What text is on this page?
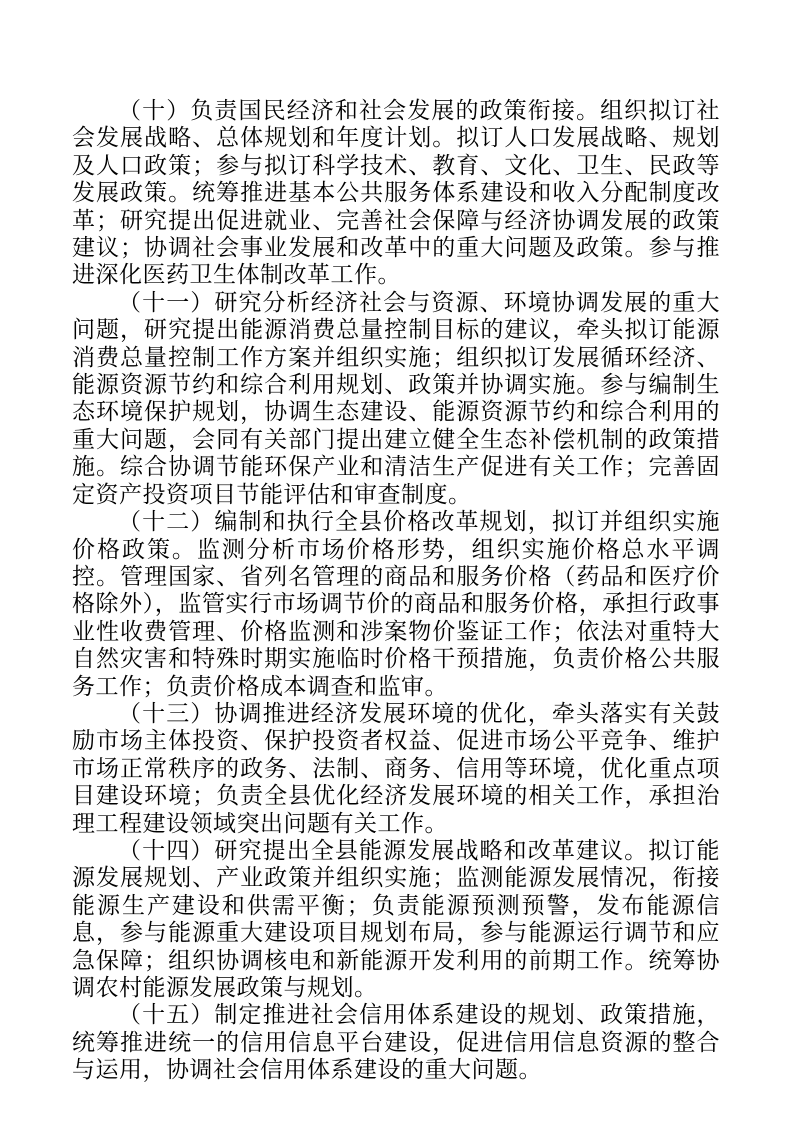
（十）负责国民经济和社会发展的政策衔接。组织拟订社会发展战略、总体规划和年度计划。拟订人口发展战略、规划及人口政策；参与拟订科学技术、教育、文化、卫生、民政等发展政策。统筹推进基本公共服务体系建设和收入分配制度改革；研究提出促进就业、完善社会保障与经济协调发展的政策建议；协调社会事业发展和改革中的重大问题及政策。参与推进深化医药卫生体制改革工作。

（十一）研究分析经济社会与资源、环境协调发展的重大问题，研究提出能源消费总量控制目标的建议，牵头拟订能源消费总量控制工作方案并组织实施；组织拟订发展循环经济、能源资源节约和综合利用规划、政策并协调实施。参与编制生态环境保护规划，协调生态建设、能源资源节约和综合利用的重大问题，会同有关部门提出建立健全生态补偿机制的政策措施。综合协调节能环保产业和清洁生产促进有关工作；完善固定资产投资项目节能评估和审查制度。

（十二）编制和执行全县价格改革规划，拟订并组织实施价格政策。监测分析市场价格形势，组织实施价格总水平调控。管理国家、省列名管理的商品和服务价格（药品和医疗价格除外），监管实行市场调节价的商品和服务价格，承担行政事业性收费管理、价格监测和涉案物价鉴证工作；依法对重特大自然灾害和特殊时期实施临时价格干预措施，负责价格公共服务工作；负责价格成本调查和监审。

（十三）协调推进经济发展环境的优化，牵头落实有关鼓励市场主体投资、保护投资者权益、促进市场公平竞争、维护市场正常秩序的政务、法制、商务、信用等环境，优化重点项目建设环境；负责全县优化经济发展环境的相关工作，承担治理工程建设领域突出问题有关工作。

（十四）研究提出全县能源发展战略和改革建议。拟订能源发展规划、产业政策并组织实施；监测能源发展情况，衔接能源生产建设和供需平衡；负责能源预测预警，发布能源信息，参与能源重大建设项目规划布局，参与能源运行调节和应急保障；组织协调核电和新能源开发利用的前期工作。统筹协调农村能源发展政策与规划。

（十五）制定推进社会信用体系建设的规划、政策措施，统筹推进统一的信用信息平台建设，促进信用信息资源的整合与运用，协调社会信用体系建设的重大问题。
